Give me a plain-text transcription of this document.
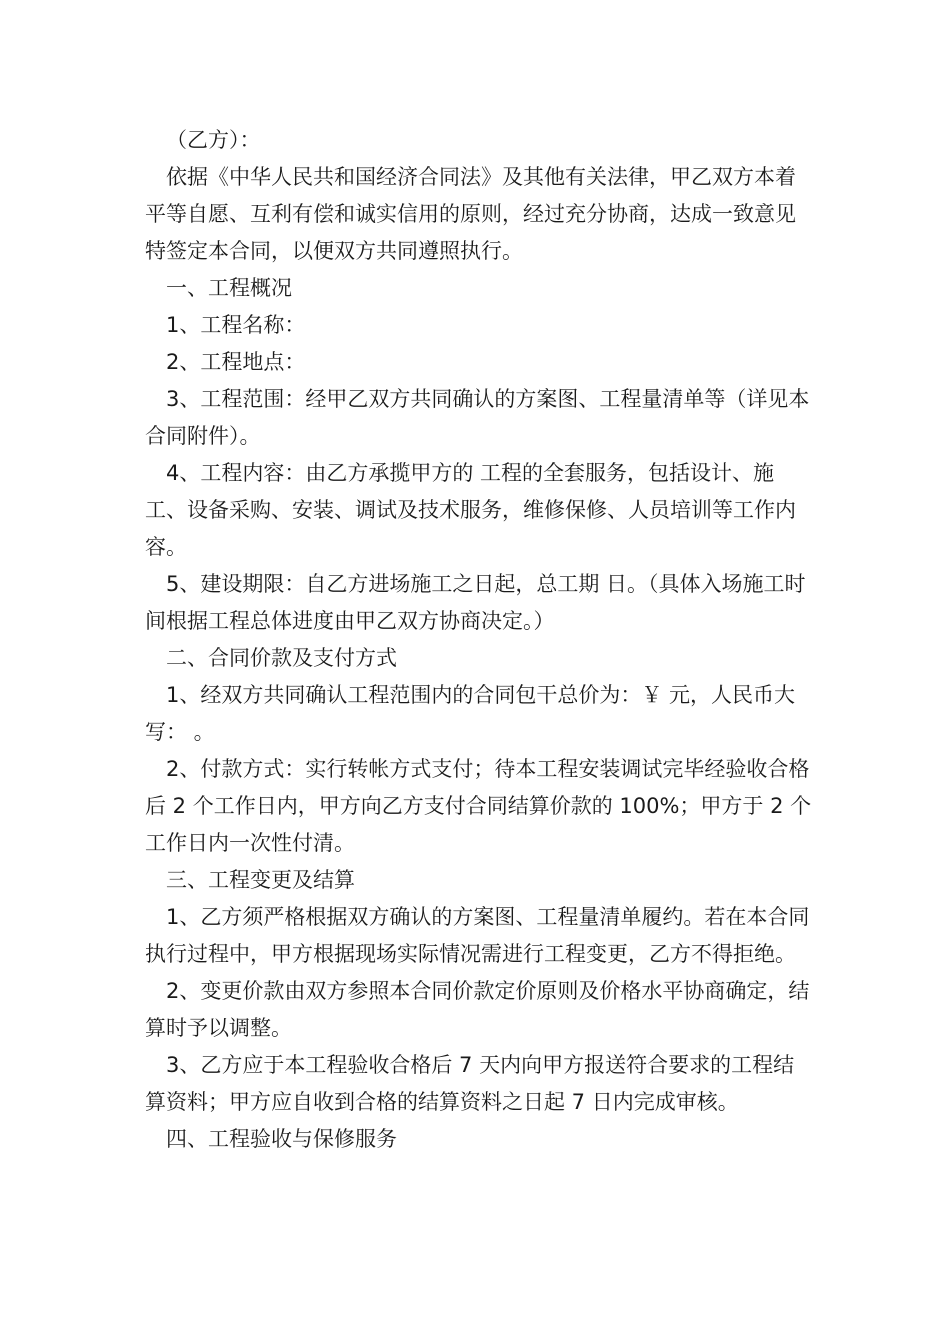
（乙方）：

依据《中华人民共和国经济合同法》及其他有关法律，甲乙双方本着平等自愿、互利有偿和诚实信用的原则，经过充分协商，达成一致意见特签定本合同，以便双方共同遵照执行。

一、工程概况

1、工程名称：

2、工程地点：

3、工程范围：经甲乙双方共同确认的方案图、工程量清单等（详见本合同附件）。

4、工程内容：由乙方承揽甲方的 工程的全套服务，包括设计、施工、设备采购、安装、调试及技术服务，维修保修、人员培训等工作内容。

5、建设期限：自乙方进场施工之日起，总工期 日。（具体入场施工时间根据工程总体进度由甲乙双方协商决定。）

二、合同价款及支付方式

1、经双方共同确认工程范围内的合同包干总价为：￥ 元，人民币大写： 。

2、付款方式：实行转帐方式支付；待本工程安装调试完毕经验收合格后 2 个工作日内，甲方向乙方支付合同结算价款的 100%；甲方于 2 个工作日内一次性付清。

三、工程变更及结算

1、乙方须严格根据双方确认的方案图、工程量清单履约。若在本合同执行过程中，甲方根据现场实际情况需进行工程变更，乙方不得拒绝。

2、变更价款由双方参照本合同价款定价原则及价格水平协商确定，结算时予以调整。

3、乙方应于本工程验收合格后 7 天内向甲方报送符合要求的工程结算资料；甲方应自收到合格的结算资料之日起 7 日内完成审核。

四、工程验收与保修服务
